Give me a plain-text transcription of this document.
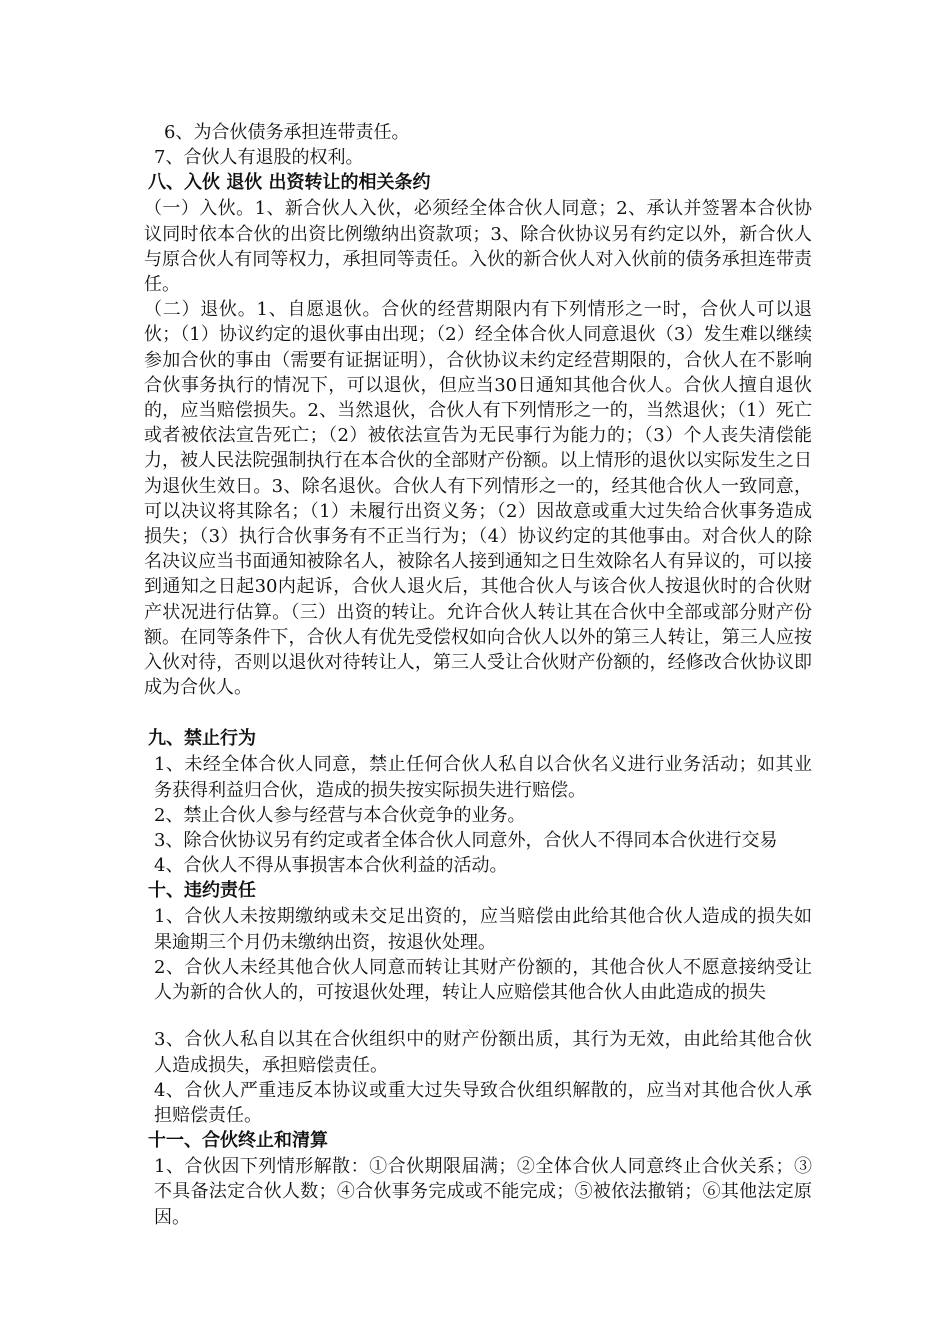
6、为合伙债务承担连带责任。

7、合伙人有退股的权利。

八、入伙 退伙 出资转让的相关条约

（一）入伙。1、新合伙人入伙，必须经全体合伙人同意；2、承认并签署本合伙协议同时依本合伙的出资比例缴纳出资款项；3、除合伙协议另有约定以外，新合伙人与原合伙人有同等权力，承担同等责任。入伙的新合伙人对入伙前的债务承担连带责任。

（二）退伙。1、自愿退伙。合伙的经营期限内有下列情形之一时，合伙人可以退伙；（1）协议约定的退伙事由出现；（2）经全体合伙人同意退伙（3）发生难以继续参加合伙的事由（需要有证据证明），合伙协议未约定经营期限的，合伙人在不影响合伙事务执行的情况下，可以退伙，但应当30日通知其他合伙人。合伙人擅自退伙的，应当赔偿损失。2、当然退伙，合伙人有下列情形之一的，当然退伙；（1）死亡或者被依法宣告死亡；（2）被依法宣告为无民事行为能力的；（3）个人丧失清偿能力，被人民法院强制执行在本合伙的全部财产份额。以上情形的退伙以实际发生之日为退伙生效日。3、除名退伙。合伙人有下列情形之一的，经其他合伙人一致同意，可以决议将其除名；（1）未履行出资义务；（2）因故意或重大过失给合伙事务造成损失；（3）执行合伙事务有不正当行为；（4）协议约定的其他事由。对合伙人的除名决议应当书面通知被除名人，被除名人接到通知之日生效除名人有异议的，可以接到通知之日起30内起诉，合伙人退火后，其他合伙人与该合伙人按退伙时的合伙财产状况进行估算。（三）出资的转让。允许合伙人转让其在合伙中全部或部分财产份额。在同等条件下，合伙人有优先受偿权如向合伙人以外的第三人转让，第三人应按入伙对待，否则以退伙对待转让人，第三人受让合伙财产份额的，经修改合伙协议即成为合伙人。

九、禁止行为

1、未经全体合伙人同意，禁止任何合伙人私自以合伙名义进行业务活动；如其业务获得利益归合伙，造成的损失按实际损失进行赔偿。

2、禁止合伙人参与经营与本合伙竞争的业务。

3、除合伙协议另有约定或者全体合伙人同意外，合伙人不得同本合伙进行交易

4、合伙人不得从事损害本合伙利益的活动。

十、违约责任

1、合伙人未按期缴纳或未交足出资的，应当赔偿由此给其他合伙人造成的损失如果逾期三个月仍未缴纳出资，按退伙处理。

2、合伙人未经其他合伙人同意而转让其财产份额的，其他合伙人不愿意接纳受让人为新的合伙人的，可按退伙处理，转让人应赔偿其他合伙人由此造成的损失

3、合伙人私自以其在合伙组织中的财产份额出质，其行为无效，由此给其他合伙人造成损失，承担赔偿责任。

4、合伙人严重违反本协议或重大过失导致合伙组织解散的，应当对其他合伙人承担赔偿责任。

十一、合伙终止和清算

1、合伙因下列情形解散：①合伙期限届满；②全体合伙人同意终止合伙关系；③不具备法定合伙人数；④合伙事务完成或不能完成；⑤被依法撤销；⑥其他法定原因。
